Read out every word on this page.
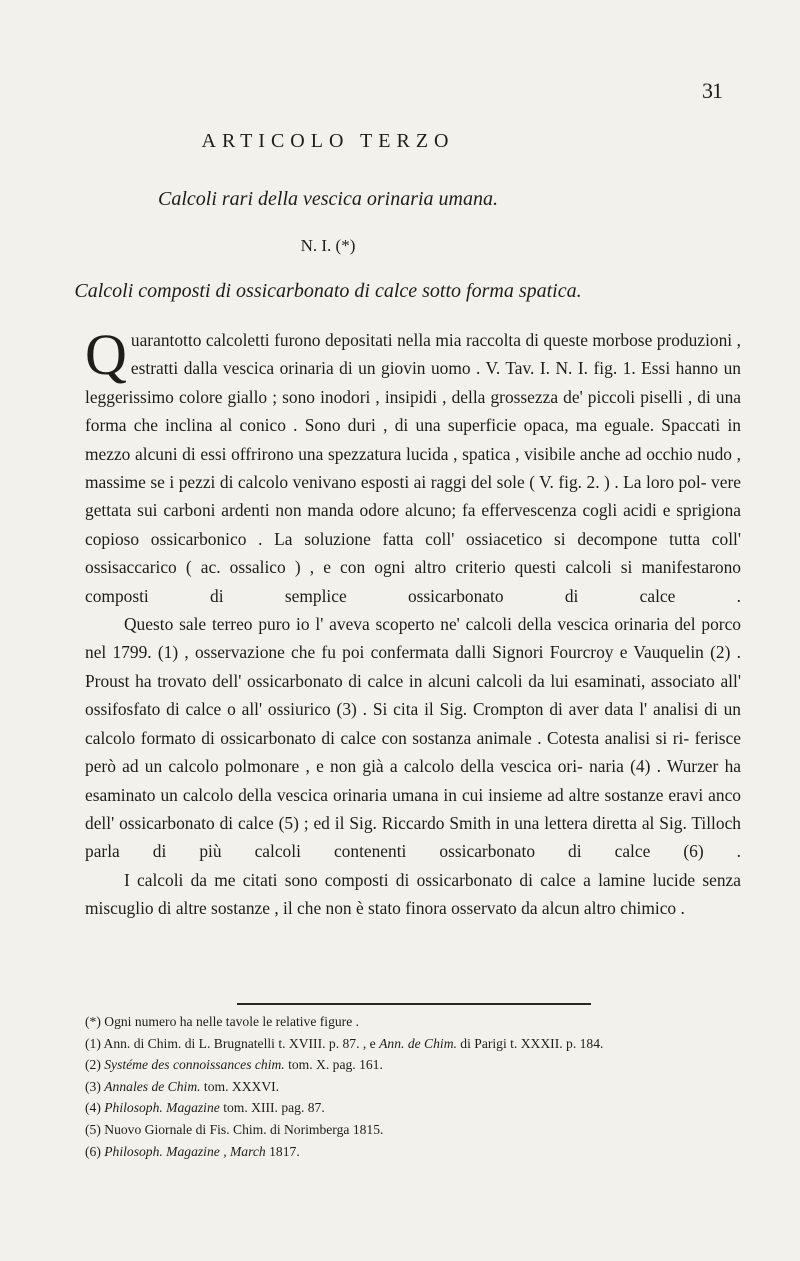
31
ARTICOLO TERZO
Calcoli rari della vescica orinaria umana.
N. I. (*)
Calcoli composti di ossicarbonato di calce sotto forma spatica.

Q uarantotto calcoletti furono depositati nella mia raccolta di queste morbose produzioni , estratti dalla vescica orinaria di un giovin uomo . V. Tav. I. N. I. fig. 1. Essi hanno un leggerissimo colore giallo ; sono inodori , insipidi , della grossezza de' piccoli piselli , di una forma che inclina al conico . Sono duri , di una superficie opaca, ma eguale. Spaccati in mezzo alcuni di essi offrirono una spezzatura lucida , spatica , visibile anche ad occhio nudo , massime se i pezzi di calcolo venivano esposti ai raggi del sole ( V. fig. 2. ) . La loro pol- vere gettata sui carboni ardenti non manda odore alcuno; fa effervescenza cogli acidi e sprigiona copioso ossicarbonico . La soluzione fatta coll' ossiacetico si decompone tutta coll' ossisaccarico ( ac. ossalico ) , e con ogni altro criterio questi calcoli si manifestarono composti di semplice ossicarbonato di calce .

Questo sale terreo puro io l' aveva scoperto ne' calcoli della vescica orinaria del porco nel 1799. (1) , osservazione che fu poi confermata dalli Signori Fourcroy e Vauquelin (2) . Proust ha trovato dell' ossicarbonato di calce in alcuni calcoli da lui esaminati, associato all' ossifosfato di calce o all' ossiurico (3) . Si cita il Sig. Crompton di aver data l' analisi di un calcolo formato di ossicarbonato di calce con sostanza animale . Cotesta analisi si ri- ferisce però ad un calcolo polmonare , e non già a calcolo della vescica ori- naria (4) . Wurzer ha esaminato un calcolo della vescica orinaria umana in cui insieme ad altre sostanze eravi anco dell' ossicarbonato di calce (5) ; ed il Sig. Riccardo Smith in una lettera diretta al Sig. Tilloch parla di più calcoli contenenti ossicarbonato di calce (6) .

I calcoli da me citati sono composti di ossicarbonato di calce a lamine lucide senza miscuglio di altre sostanze , il che non è stato finora osservato da alcun altro chimico .

(*) Ogni numero ha nelle tavole le relative figure .
(1) Ann. di Chim. di L. Brugnatelli t. XVIII. p. 87. , e Ann. de Chim. di Parigi t. XXXII. p. 184.
(2) Systéme des connoissances chim. tom. X. pag. 161.
(3) Annales de Chim. tom. XXXVI.
(4) Philosoph. Magazine tom. XIII. pag. 87.
(5) Nuovo Giornale di Fis. Chim. di Norimberga 1815.
(6) Philosoph. Magazine , March 1817.
